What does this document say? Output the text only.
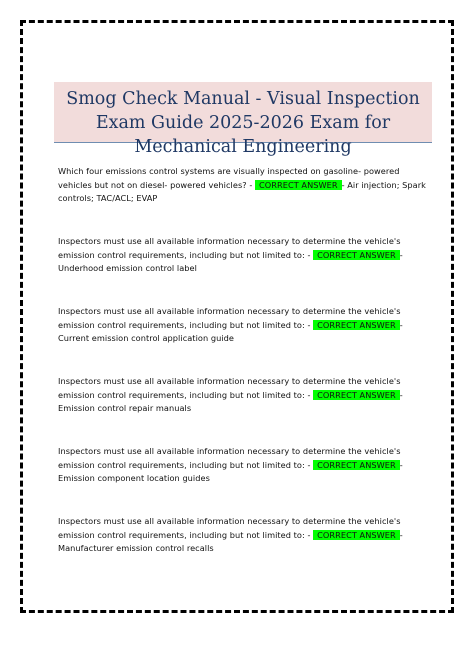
Smog Check Manual - Visual Inspection Exam Guide 2025-2026 Exam for Mechanical Engineering

Which four emissions control systems are visually inspected on gasoline- powered vehicles but not on diesel- powered vehicles? - CORRECT ANSWER - Air injection; Spark controls; TAC/ACL; EVAP
Inspectors must use all available information necessary to determine the vehicle's emission control requirements, including but not limited to: - CORRECT ANSWER - Underhood emission control label
Inspectors must use all available information necessary to determine the vehicle's emission control requirements, including but not limited to: - CORRECT ANSWER - Current emission control application guide
Inspectors must use all available information necessary to determine the vehicle's emission control requirements, including but not limited to: - CORRECT ANSWER - Emission control repair manuals
Inspectors must use all available information necessary to determine the vehicle's emission control requirements, including but not limited to: - CORRECT ANSWER - Emission component location guides
Inspectors must use all available information necessary to determine the vehicle's emission control requirements, including but not limited to: - CORRECT ANSWER - Manufacturer emission control recalls
